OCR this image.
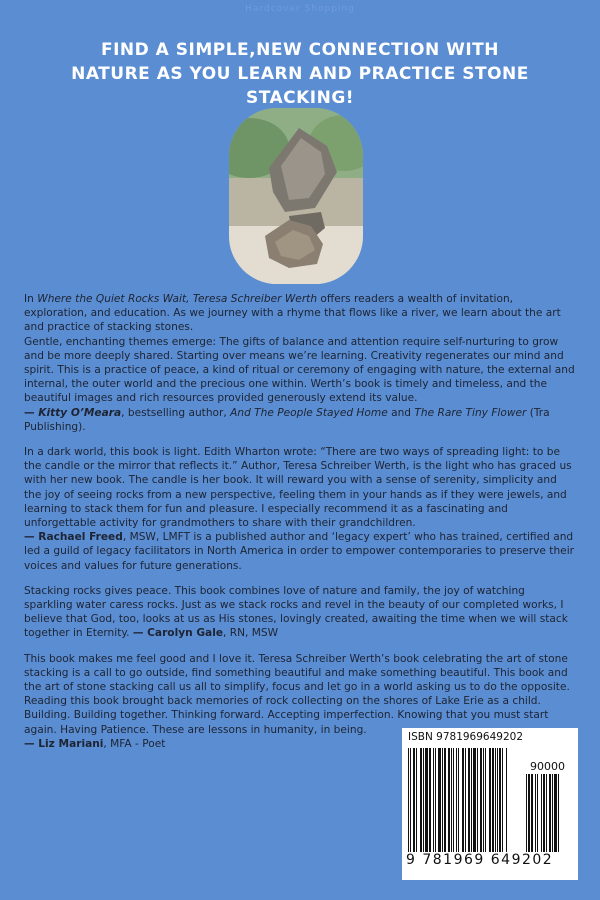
Hardcover Shopping
FIND A SIMPLE,NEW CONNECTION WITH NATURE AS YOU LEARN AND PRACTICE STONE STACKING!

In Where the Quiet Rocks Wait, Teresa Schreiber Werth offers readers a wealth of invitation, exploration, and education. As we journey with a rhyme that flows like a river, we learn about the art and practice of stacking stones.

Gentle, enchanting themes emerge: The gifts of balance and attention require self-nurturing to grow and be more deeply shared. Starting over means we’re learning. Creativity regenerates our mind and spirit. This is a practice of peace, a kind of ritual or ceremony of engaging with nature, the external and internal, the outer world and the precious one within. Werth’s book is timely and timeless, and the beautiful images and rich resources provided generously extend its value.

— Kitty O’Meara, bestselling author, And The People Stayed Home and The Rare Tiny Flower (Tra Publishing).

In a dark world, this book is light. Edith Wharton wrote: “There are two ways of spreading light: to be the candle or the mirror that reflects it.” Author, Teresa Schreiber Werth, is the light who has graced us with her new book. The candle is her book. It will reward you with a sense of serenity, simplicity and the joy of seeing rocks from a new perspective, feeling them in your hands as if they were jewels, and learning to stack them for fun and pleasure. I especially recommend it as a fascinating and unforgettable activity for grandmothers to share with their grandchildren.

— Rachael Freed, MSW, LMFT is a published author and ‘legacy expert’ who has trained, certified and led a guild of legacy facilitators in North America in order to empower contemporaries to preserve their voices and values for future generations.

Stacking rocks gives peace. This book combines love of nature and family, the joy of watching sparkling water caress rocks. Just as we stack rocks and revel in the beauty of our completed works, I believe that God, too, looks at us as His stones, lovingly created, awaiting the time when we will stack together in Eternity. — Carolyn Gale, RN, MSW

This book makes me feel good and I love it. Teresa Schreiber Werth’s book celebrating the art of stone stacking is a call to go outside, find something beautiful and make something beautiful. This book and the art of stone stacking call us all to simplify, focus and let go in a world asking us to do the opposite. Reading this book brought back memories of rock collecting on the shores of Lake Erie as a child. Building. Building together. Thinking forward. Accepting imperfection. Knowing that you must start again. Having Patience. These are lessons in humanity, in being.

— Liz Mariani, MFA - Poet

ISBN 9781969649202
90000
9 781969 649202
